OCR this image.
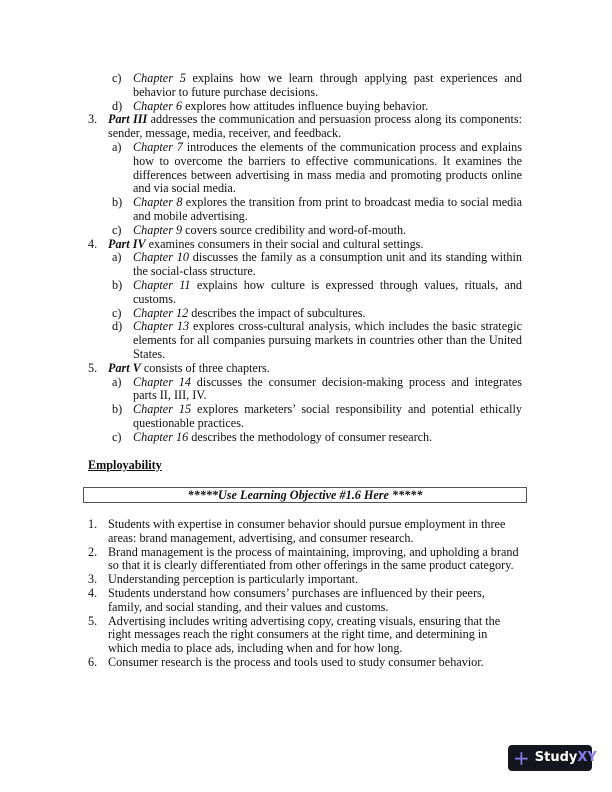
c) Chapter 5 explains how we learn through applying past experiences and behavior to future purchase decisions.
d) Chapter 6 explores how attitudes influence buying behavior.
3. Part III addresses the communication and persuasion process along its components: sender, message, media, receiver, and feedback.
a) Chapter 7 introduces the elements of the communication process and explains how to overcome the barriers to effective communications. It examines the differences between advertising in mass media and promoting products online and via social media.
b) Chapter 8 explores the transition from print to broadcast media to social media and mobile advertising.
c) Chapter 9 covers source credibility and word-of-mouth.
4. Part IV examines consumers in their social and cultural settings.
a) Chapter 10 discusses the family as a consumption unit and its standing within the social-class structure.
b) Chapter 11 explains how culture is expressed through values, rituals, and customs.
c) Chapter 12 describes the impact of subcultures.
d) Chapter 13 explores cross-cultural analysis, which includes the basic strategic elements for all companies pursuing markets in countries other than the United States.
5. Part V consists of three chapters.
a) Chapter 14 discusses the consumer decision-making process and integrates parts II, III, IV.
b) Chapter 15 explores marketers’ social responsibility and potential ethically questionable practices.
c) Chapter 16 describes the methodology of consumer research.
Employability
*****Use Learning Objective #1.6 Here *****
1. Students with expertise in consumer behavior should pursue employment in three areas: brand management, advertising, and consumer research.
2. Brand management is the process of maintaining, improving, and upholding a brand so that it is clearly differentiated from other offerings in the same product category.
3. Understanding perception is particularly important.
4. Students understand how consumers’ purchases are influenced by their peers, family, and social standing, and their values and customs.
5. Advertising includes writing advertising copy, creating visuals, ensuring that the right messages reach the right consumers at the right time, and determining in which media to place ads, including when and for how long.
6. Consumer research is the process and tools used to study consumer behavior.
+ Study XY
